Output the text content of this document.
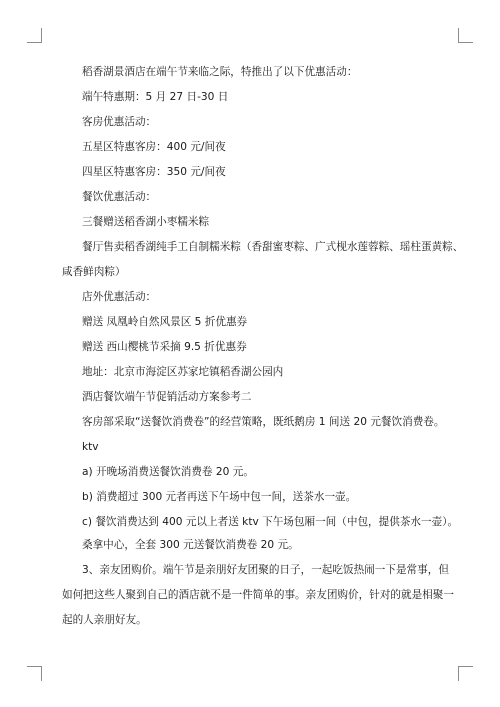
稻香湖景酒店在端午节来临之际，特推出了以下优惠活动：

端午特惠期：5 月 27 日-30 日

客房优惠活动：

五星区特惠客房：400 元/间夜

四星区特惠客房：350 元/间夜

餐饮优惠活动：

三餐赠送稻香湖小枣糯米粽

餐厅售卖稻香湖纯手工自制糯米粽（香甜蜜枣粽、广式枧水莲蓉粽、瑶柱蛋黄粽、
咸香鲜肉粽）

店外优惠活动：

赠送 凤凰岭自然风景区 5 折优惠券

赠送 西山樱桃节采摘 9.5 折优惠券

地址：北京市海淀区苏家坨镇稻香湖公园内

酒店餐饮端午节促销活动方案参考二

客房部采取“送餐饮消费卷”的经营策略，既纸鹅房 1 间送 20 元餐饮消费卷。

ktv

a) 开晚场消费送餐饮消费卷 20 元。

b) 消费超过 300 元者再送下午场中包一间，送茶水一壶。

c) 餐饮消费达到 400 元以上者送 ktv 下午场包厢一间（中包，提供茶水一壶）。

桑拿中心，全套 300 元送餐饮消费卷 20 元。

3、亲友团购价。端午节是亲朋好友团聚的日子，一起吃饭热闹一下是常事，但
如何把这些人聚到自己的酒店就不是一件简单的事。亲友团购价，针对的就是相聚一
起的人亲朋好友。
